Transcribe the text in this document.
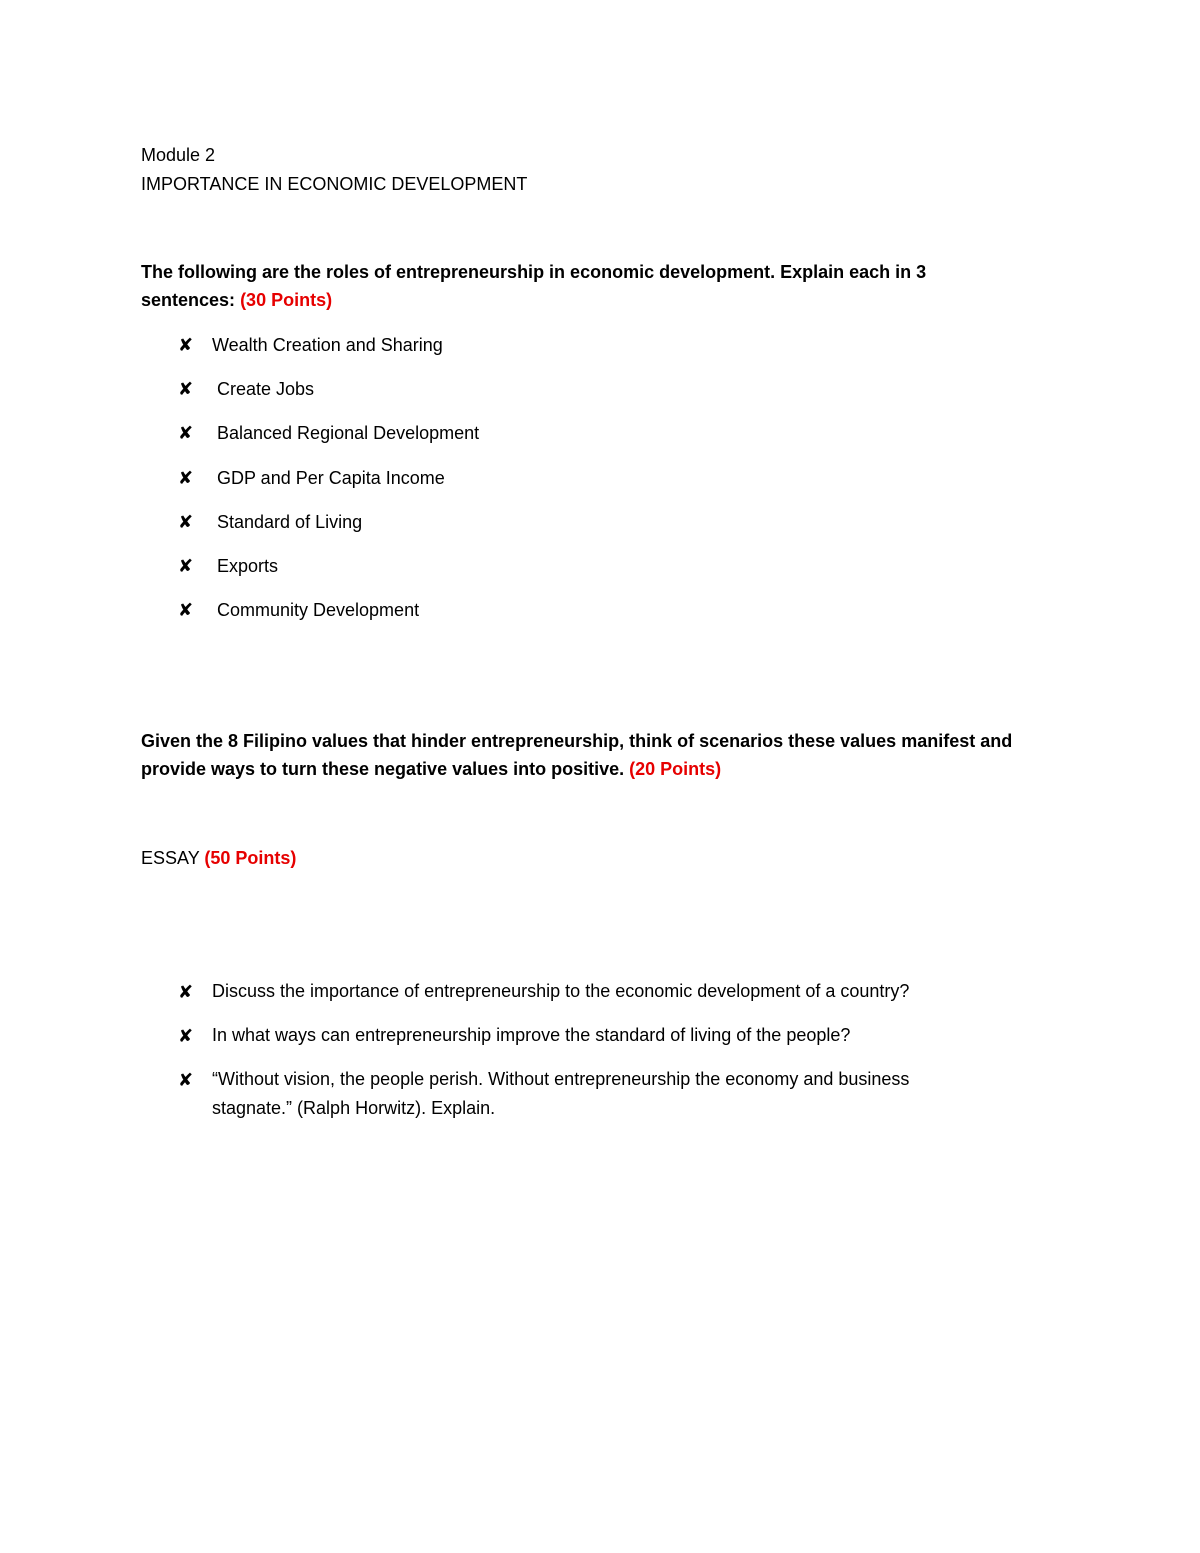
Module 2
IMPORTANCE IN ECONOMIC DEVELOPMENT
The following are the roles of entrepreneurship in economic development. Explain each in 3
sentences: (30 Points)
✘ Wealth Creation and Sharing
✘ Create Jobs
✘ Balanced Regional Development
✘ GDP and Per Capita Income
✘ Standard of Living
✘ Exports
✘ Community Development
Given the 8 Filipino values that hinder entrepreneurship, think of scenarios these values manifest and
provide ways to turn these negative values into positive. (20 Points)
ESSAY (50 Points)
✘ Discuss the importance of entrepreneurship to the economic development of a country?
✘ In what ways can entrepreneurship improve the standard of living of the people?
✘ “Without vision, the people perish. Without entrepreneurship the economy and business
stagnate.” (Ralph Horwitz). Explain.
